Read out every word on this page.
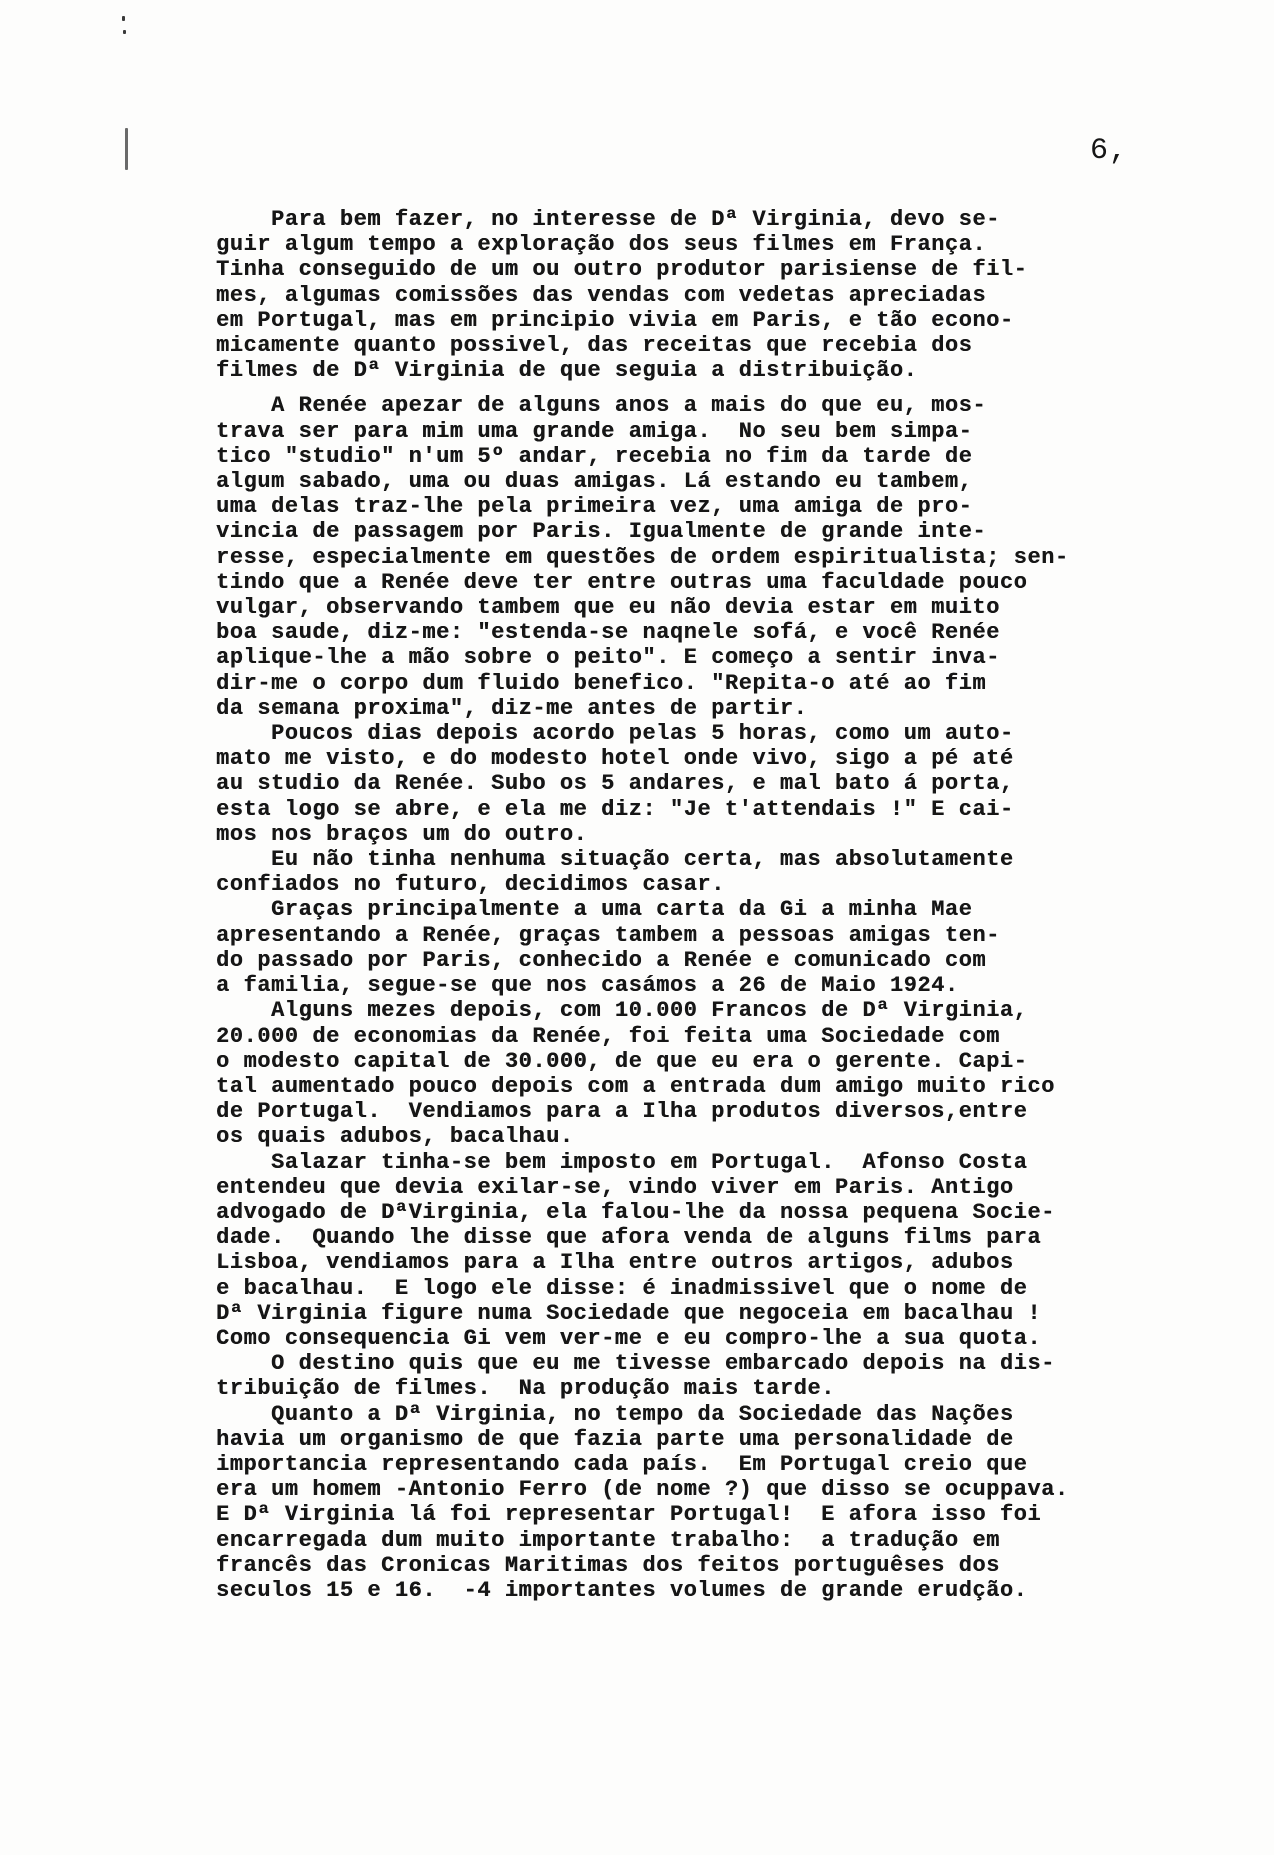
6,
Para bem fazer, no interesse de Dª Virginia, devo se-
guir algum tempo a exploração dos seus filmes em França.
Tinha conseguido de um ou outro produtor parisiense de fil-
mes, algumas comissões das vendas com vedetas apreciadas
em Portugal, mas em principio vivia em Paris, e tão econo-
micamente quanto possivel, das receitas que recebia dos
filmes de Dª Virginia de que seguia a distribuição.
A Renée apezar de alguns anos a mais do que eu, mos-
trava ser para mim uma grande amiga.  No seu bem simpa-
tico "studio" n'um 5º andar, recebia no fim da tarde de
algum sabado, uma ou duas amigas. Lá estando eu tambem,
uma delas traz-lhe pela primeira vez, uma amiga de pro-
vincia de passagem por Paris. Igualmente de grande inte-
resse, especialmente em questões de ordem espiritualista; sen-
tindo que a Renée deve ter entre outras uma faculdade pouco
vulgar, observando tambem que eu não devia estar em muito
boa saude, diz-me: "estenda-se naqnele sofá, e você Renée
aplique-lhe a mão sobre o peito". E começo a sentir inva-
dir-me o corpo dum fluido benefico. "Repita-o até ao fim
da semana proxima", diz-me antes de partir.
Poucos dias depois acordo pelas 5 horas, como um auto-
mato me visto, e do modesto hotel onde vivo, sigo a pé até
au studio da Renée. Subo os 5 andares, e mal bato á porta,
esta logo se abre, e ela me diz: "Je t'attendais !" E cai-
mos nos braços um do outro.
Eu não tinha nenhuma situação certa, mas absolutamente
confiados no futuro, decidimos casar.
Graças principalmente a uma carta da Gi a minha Mae
apresentando a Renée, graças tambem a pessoas amigas ten-
do passado por Paris, conhecido a Renée e comunicado com
a familia, segue-se que nos casámos a 26 de Maio 1924.
Alguns mezes depois, com 10.000 Francos de Dª Virginia,
20.000 de economias da Renée, foi feita uma Sociedade com
o modesto capital de 30.000, de que eu era o gerente. Capi-
tal aumentado pouco depois com a entrada dum amigo muito rico
de Portugal.  Vendiamos para a Ilha produtos diversos,entre
os quais adubos, bacalhau.
Salazar tinha-se bem imposto em Portugal.  Afonso Costa
entendeu que devia exilar-se, vindo viver em Paris. Antigo
advogado de DªVirginia, ela falou-lhe da nossa pequena Socie-
dade.  Quando lhe disse que afora venda de alguns films para
Lisboa, vendiamos para a Ilha entre outros artigos, adubos
e bacalhau.  E logo ele disse: é inadmissivel que o nome de
Dª Virginia figure numa Sociedade que negoceia em bacalhau !
Como consequencia Gi vem ver-me e eu compro-lhe a sua quota.
O destino quis que eu me tivesse embarcado depois na dis-
tribuição de filmes.  Na produção mais tarde.
Quanto a Dª Virginia, no tempo da Sociedade das Nações
havia um organismo de que fazia parte uma personalidade de
importancia representando cada país.  Em Portugal creio que
era um homem -Antonio Ferro (de nome ?) que disso se ocuppava.
E Dª Virginia lá foi representar Portugal!  E afora isso foi
encarregada dum muito importante trabalho:  a tradução em
francês das Cronicas Maritimas dos feitos portuguêses dos
seculos 15 e 16.  -4 importantes volumes de grande erudção.
